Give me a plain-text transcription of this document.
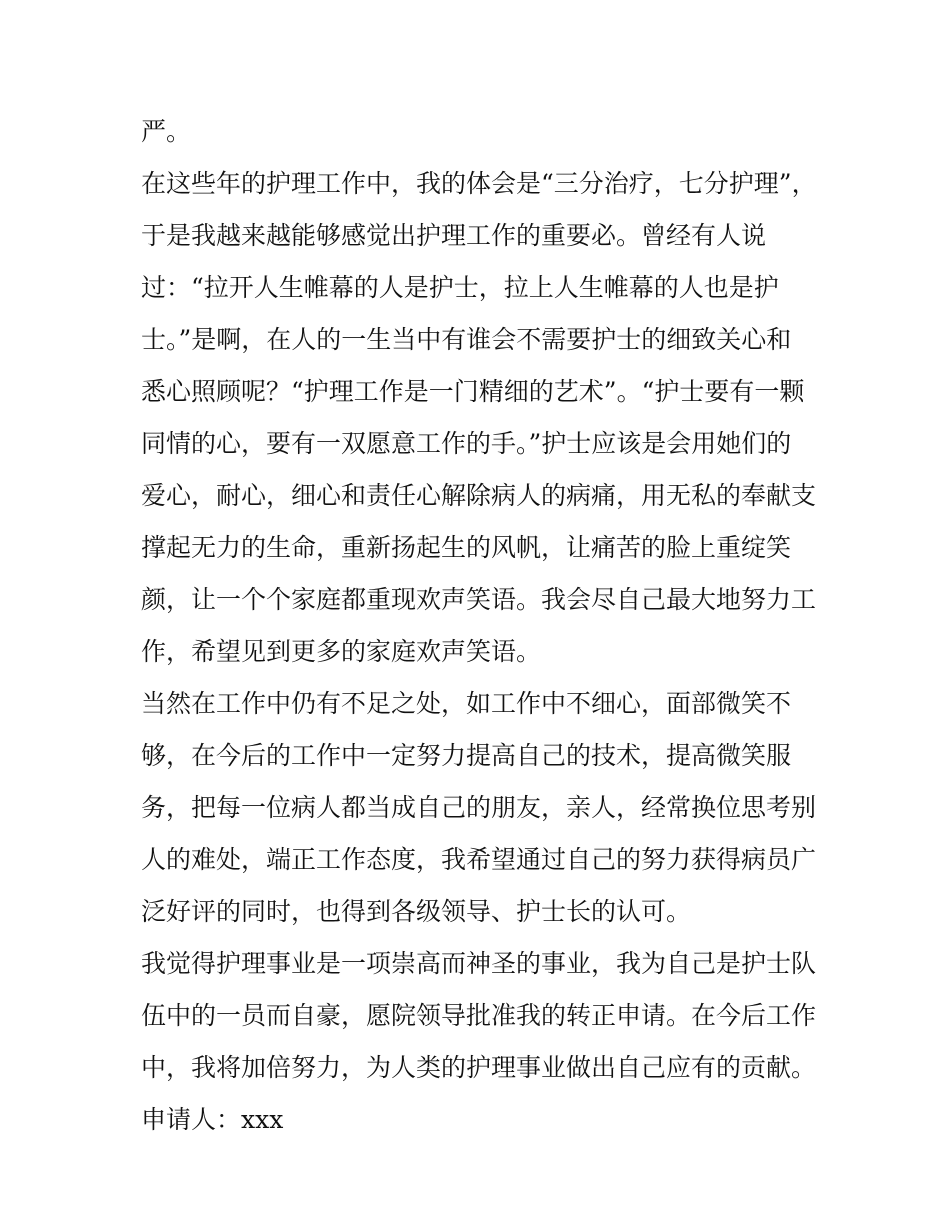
严。
在这些年的护理工作中，我的体会是“三分治疗，七分护理”，
于是我越来越能够感觉出护理工作的重要必。曾经有人说
过：“拉开人生帷幕的人是护士，拉上人生帷幕的人也是护
士。”是啊，在人的一生当中有谁会不需要护士的细致关心和
悉心照顾呢？“护理工作是一门精细的艺术”。“护士要有一颗
同情的心，要有一双愿意工作的手。”护士应该是会用她们的
爱心，耐心，细心和责任心解除病人的病痛，用无私的奉献支
撑起无力的生命，重新扬起生的风帆，让痛苦的脸上重绽笑
颜，让一个个家庭都重现欢声笑语。我会尽自己最大地努力工
作，希望见到更多的家庭欢声笑语。
当然在工作中仍有不足之处，如工作中不细心，面部微笑不
够，在今后的工作中一定努力提高自己的技术，提高微笑服
务，把每一位病人都当成自己的朋友，亲人，经常换位思考别
人的难处，端正工作态度，我希望通过自己的努力获得病员广
泛好评的同时，也得到各级领导、护士长的认可。
我觉得护理事业是一项崇高而神圣的事业，我为自己是护士队
伍中的一员而自豪，愿院领导批准我的转正申请。在今后工作
中，我将加倍努力，为人类的护理事业做出自己应有的贡献。
申请人：xxx
